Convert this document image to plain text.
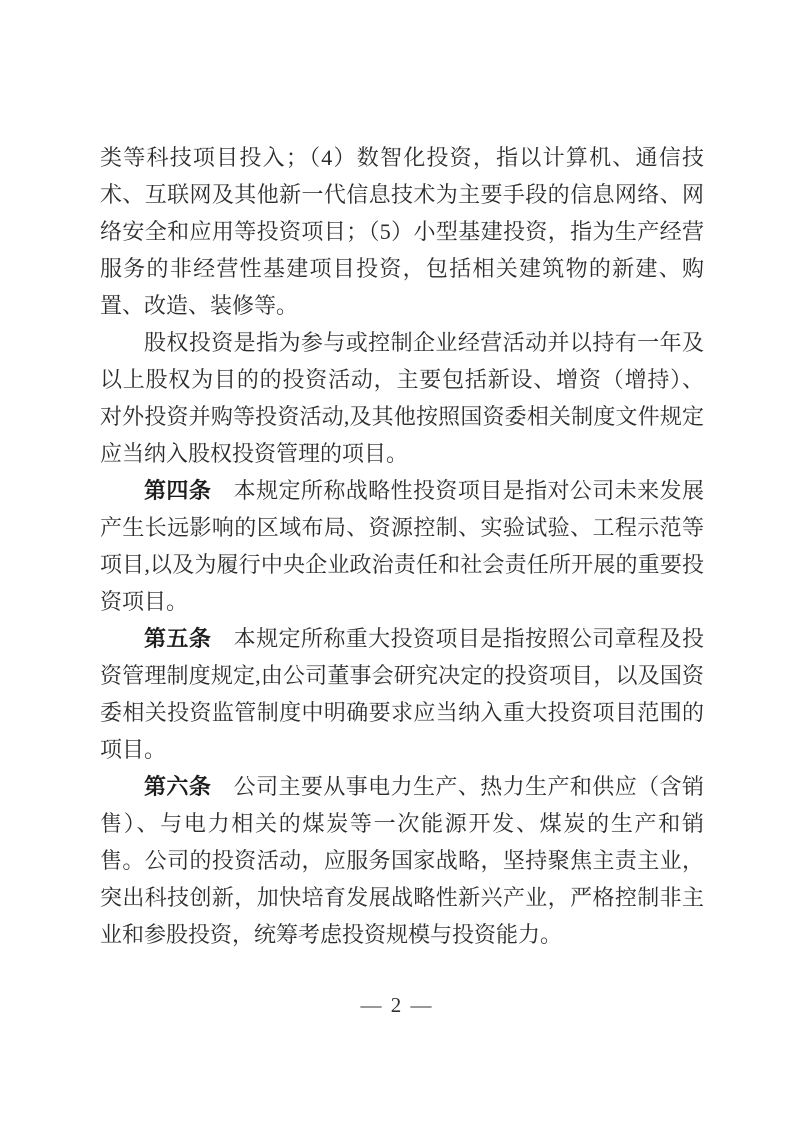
类等科技项目投入；（4）数智化投资，指以计算机、通信技术、互联网及其他新一代信息技术为主要手段的信息网络、网络安全和应用等投资项目；（5）小型基建投资，指为生产经营服务的非经营性基建项目投资，包括相关建筑物的新建、购置、改造、装修等。

股权投资是指为参与或控制企业经营活动并以持有一年及以上股权为目的的投资活动，主要包括新设、增资（增持）、对外投资并购等投资活动,及其他按照国资委相关制度文件规定应当纳入股权投资管理的项目。

第四条　本规定所称战略性投资项目是指对公司未来发展产生长远影响的区域布局、资源控制、实验试验、工程示范等项目,以及为履行中央企业政治责任和社会责任所开展的重要投资项目。

第五条　本规定所称重大投资项目是指按照公司章程及投资管理制度规定,由公司董事会研究决定的投资项目，以及国资委相关投资监管制度中明确要求应当纳入重大投资项目范围的项目。

第六条　公司主要从事电力生产、热力生产和供应（含销售）、与电力相关的煤炭等一次能源开发、煤炭的生产和销售。公司的投资活动，应服务国家战略，坚持聚焦主责主业，突出科技创新，加快培育发展战略性新兴产业，严格控制非主业和参股投资，统筹考虑投资规模与投资能力。

— 2 —
